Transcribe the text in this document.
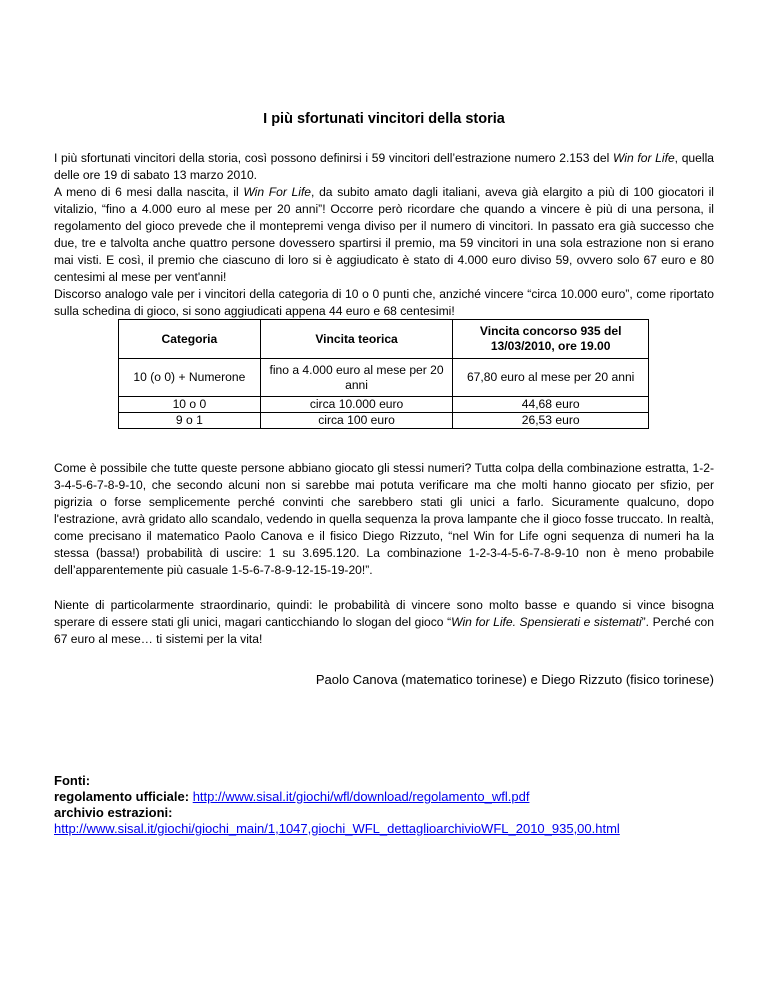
I più sfortunati vincitori della storia

I più sfortunati vincitori della storia, così possono definirsi i 59 vincitori dell’estrazione numero 2.153 del Win for Life, quella delle ore 19 di sabato 13 marzo 2010.

A meno di 6 mesi dalla nascita, il Win For Life, da subito amato dagli italiani, aveva già elargito a più di 100 giocatori il vitalizio, “fino a 4.000 euro al mese per 20 anni”! Occorre però ricordare che quando a vincere è più di una persona, il regolamento del gioco prevede che il montepremi venga diviso per il numero di vincitori. In passato era già successo che due, tre e talvolta anche quattro persone dovessero spartirsi il premio, ma 59 vincitori in una sola estrazione non si erano mai visti. E così, il premio che ciascuno di loro si è aggiudicato è stato di 4.000 euro diviso 59, ovvero solo 67 euro e 80 centesimi al mese per vent'anni!

Discorso analogo vale per i vincitori della categoria di 10 o 0 punti che, anziché vincere “circa 10.000 euro”, come riportato sulla schedina di gioco, si sono aggiudicati appena 44 euro e 68 centesimi!

Categoria	Vincita teorica	Vincita concorso 935 del 13/03/2010, ore 19.00
10 (o 0) + Numerone	fino a 4.000 euro al mese per 20 anni	67,80 euro al mese per 20 anni
10 o 0	circa 10.000 euro	44,68 euro
9 o 1	circa 100 euro	26,53 euro

Come è possibile che tutte queste persone abbiano giocato gli stessi numeri? Tutta colpa della combinazione estratta, 1-2-3-4-5-6-7-8-9-10, che secondo alcuni non si sarebbe mai potuta verificare ma che molti hanno giocato per sfizio, per pigrizia o forse semplicemente perché convinti che sarebbero stati gli unici a farlo. Sicuramente qualcuno, dopo l'estrazione, avrà gridato allo scandalo, vedendo in quella sequenza la prova lampante che il gioco fosse truccato. In realtà, come precisano il matematico Paolo Canova e il fisico Diego Rizzuto, “nel Win for Life ogni sequenza di numeri ha la stessa (bassa!) probabilità di uscire: 1 su 3.695.120. La combinazione 1-2-3-4-5-6-7-8-9-10 non è meno probabile dell’apparentemente più casuale 1-5-6-7-8-9-12-15-19-20!”.

Niente di particolarmente straordinario, quindi: le probabilità di vincere sono molto basse e quando si vince bisogna sperare di essere stati gli unici, magari canticchiando lo slogan del gioco “Win for Life. Spensierati e sistemati”. Perché con 67 euro al mese… ti sistemi per la vita!

Paolo Canova (matematico torinese) e Diego Rizzuto (fisico torinese)
Fonti:
regolamento ufficiale: http://www.sisal.it/giochi/wfl/download/regolamento_wfl.pdf
archivio estrazioni:
http://www.sisal.it/giochi/giochi_main/1,1047,giochi_WFL_dettaglioarchivioWFL_2010_935,00.html
